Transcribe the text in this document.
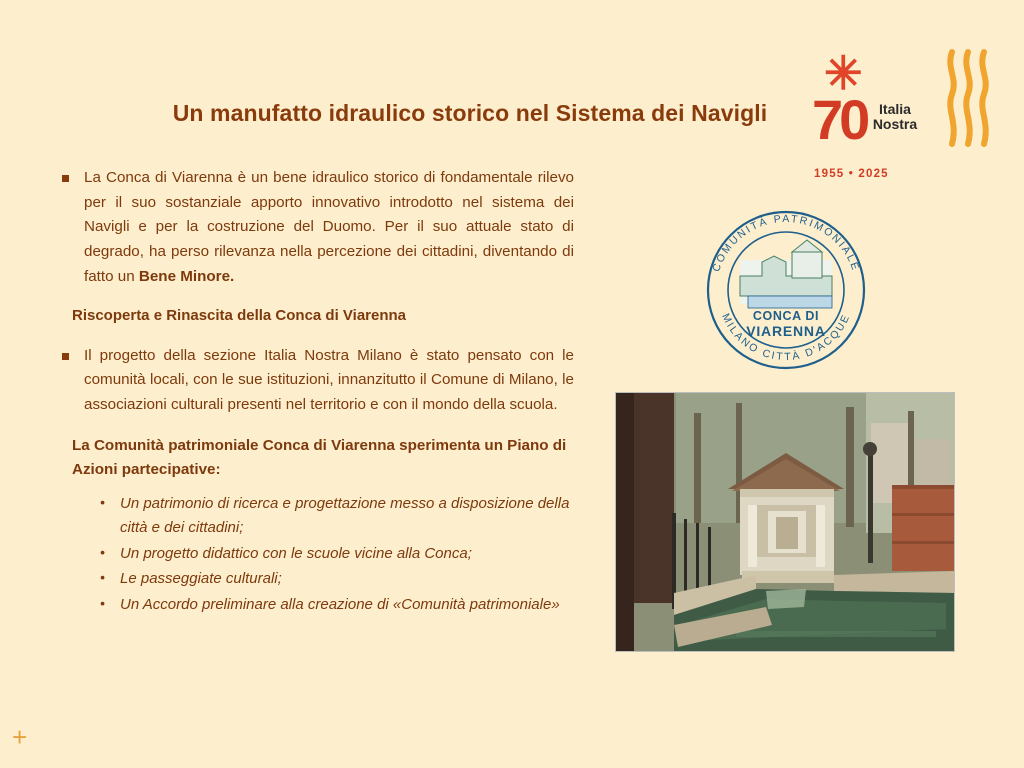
Un manufatto idraulico storico nel Sistema dei Navigli
La Conca di Viarenna è un bene idraulico storico di fondamentale rilevo per il suo sostanziale apporto innovativo introdotto nel sistema dei Navigli e per la costruzione del Duomo. Per il suo attuale stato di degrado, ha perso rilevanza nella percezione dei cittadini, diventando di fatto un Bene Minore.
Riscoperta e Rinascita della Conca di Viarenna
Il progetto della sezione Italia Nostra Milano è stato pensato con le comunità locali, con le sue istituzioni, innanzitutto il Comune di Milano, le associazioni culturali presenti nel territorio e con il mondo della scuola.
La Comunità patrimoniale Conca di Viarenna sperimenta un Piano di Azioni partecipative:
• Un patrimonio di ricerca e progettazione messo a disposizione della città e dei cittadini;
• Un progetto didattico con le scuole vicine alla Conca;
• Le passeggiate culturali;
• Un Accordo preliminare alla creazione di «Comunità patrimoniale»
✳
70 Italia
Nostra
1955 • 2025
COMUNITÀ PATRIMONIALE
MILANO CITTÀ D'ACQUE
CONCA DI
VIARENNA
+
